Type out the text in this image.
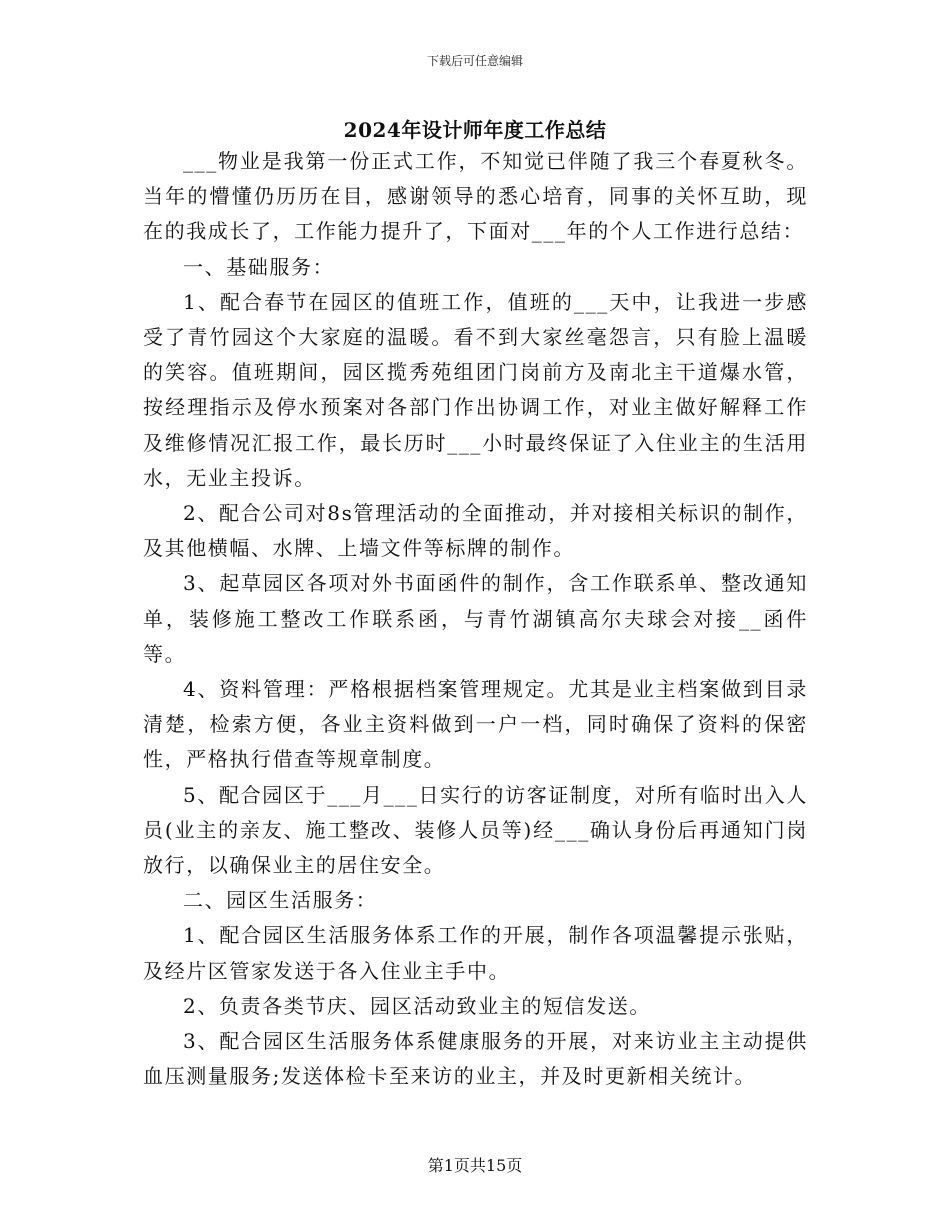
下载后可任意编辑
2024年设计师年度工作总结

___物业是我第一份正式工作，不知觉已伴随了我三个春夏秋冬。当年的懵懂仍历历在目，感谢领导的悉心培育，同事的关怀互助，现在的我成长了，工作能力提升了，下面对___年的个人工作进行总结：

一、基础服务：

1、配合春节在园区的值班工作，值班的___天中，让我进一步感受了青竹园这个大家庭的温暖。看不到大家丝毫怨言，只有脸上温暖的笑容。值班期间，园区揽秀苑组团门岗前方及南北主干道爆水管，按经理指示及停水预案对各部门作出协调工作，对业主做好解释工作及维修情况汇报工作，最长历时___小时最终保证了入住业主的生活用水，无业主投诉。

2、配合公司对8s管理活动的全面推动，并对接相关标识的制作，及其他横幅、水牌、上墙文件等标牌的制作。

3、起草园区各项对外书面函件的制作，含工作联系单、整改通知单，装修施工整改工作联系函，与青竹湖镇高尔夫球会对接__函件等。

4、资料管理：严格根据档案管理规定。尤其是业主档案做到目录清楚，检索方便，各业主资料做到一户一档，同时确保了资料的保密性，严格执行借查等规章制度。

5、配合园区于___月___日实行的访客证制度，对所有临时出入人员(业主的亲友、施工整改、装修人员等)经___确认身份后再通知门岗放行，以确保业主的居住安全。

二、园区生活服务：

1、配合园区生活服务体系工作的开展，制作各项温馨提示张贴，及经片区管家发送于各入住业主手中。

2、负责各类节庆、园区活动致业主的短信发送。

3、配合园区生活服务体系健康服务的开展，对来访业主主动提供血压测量服务;发送体检卡至来访的业主，并及时更新相关统计。

第1页共15页
